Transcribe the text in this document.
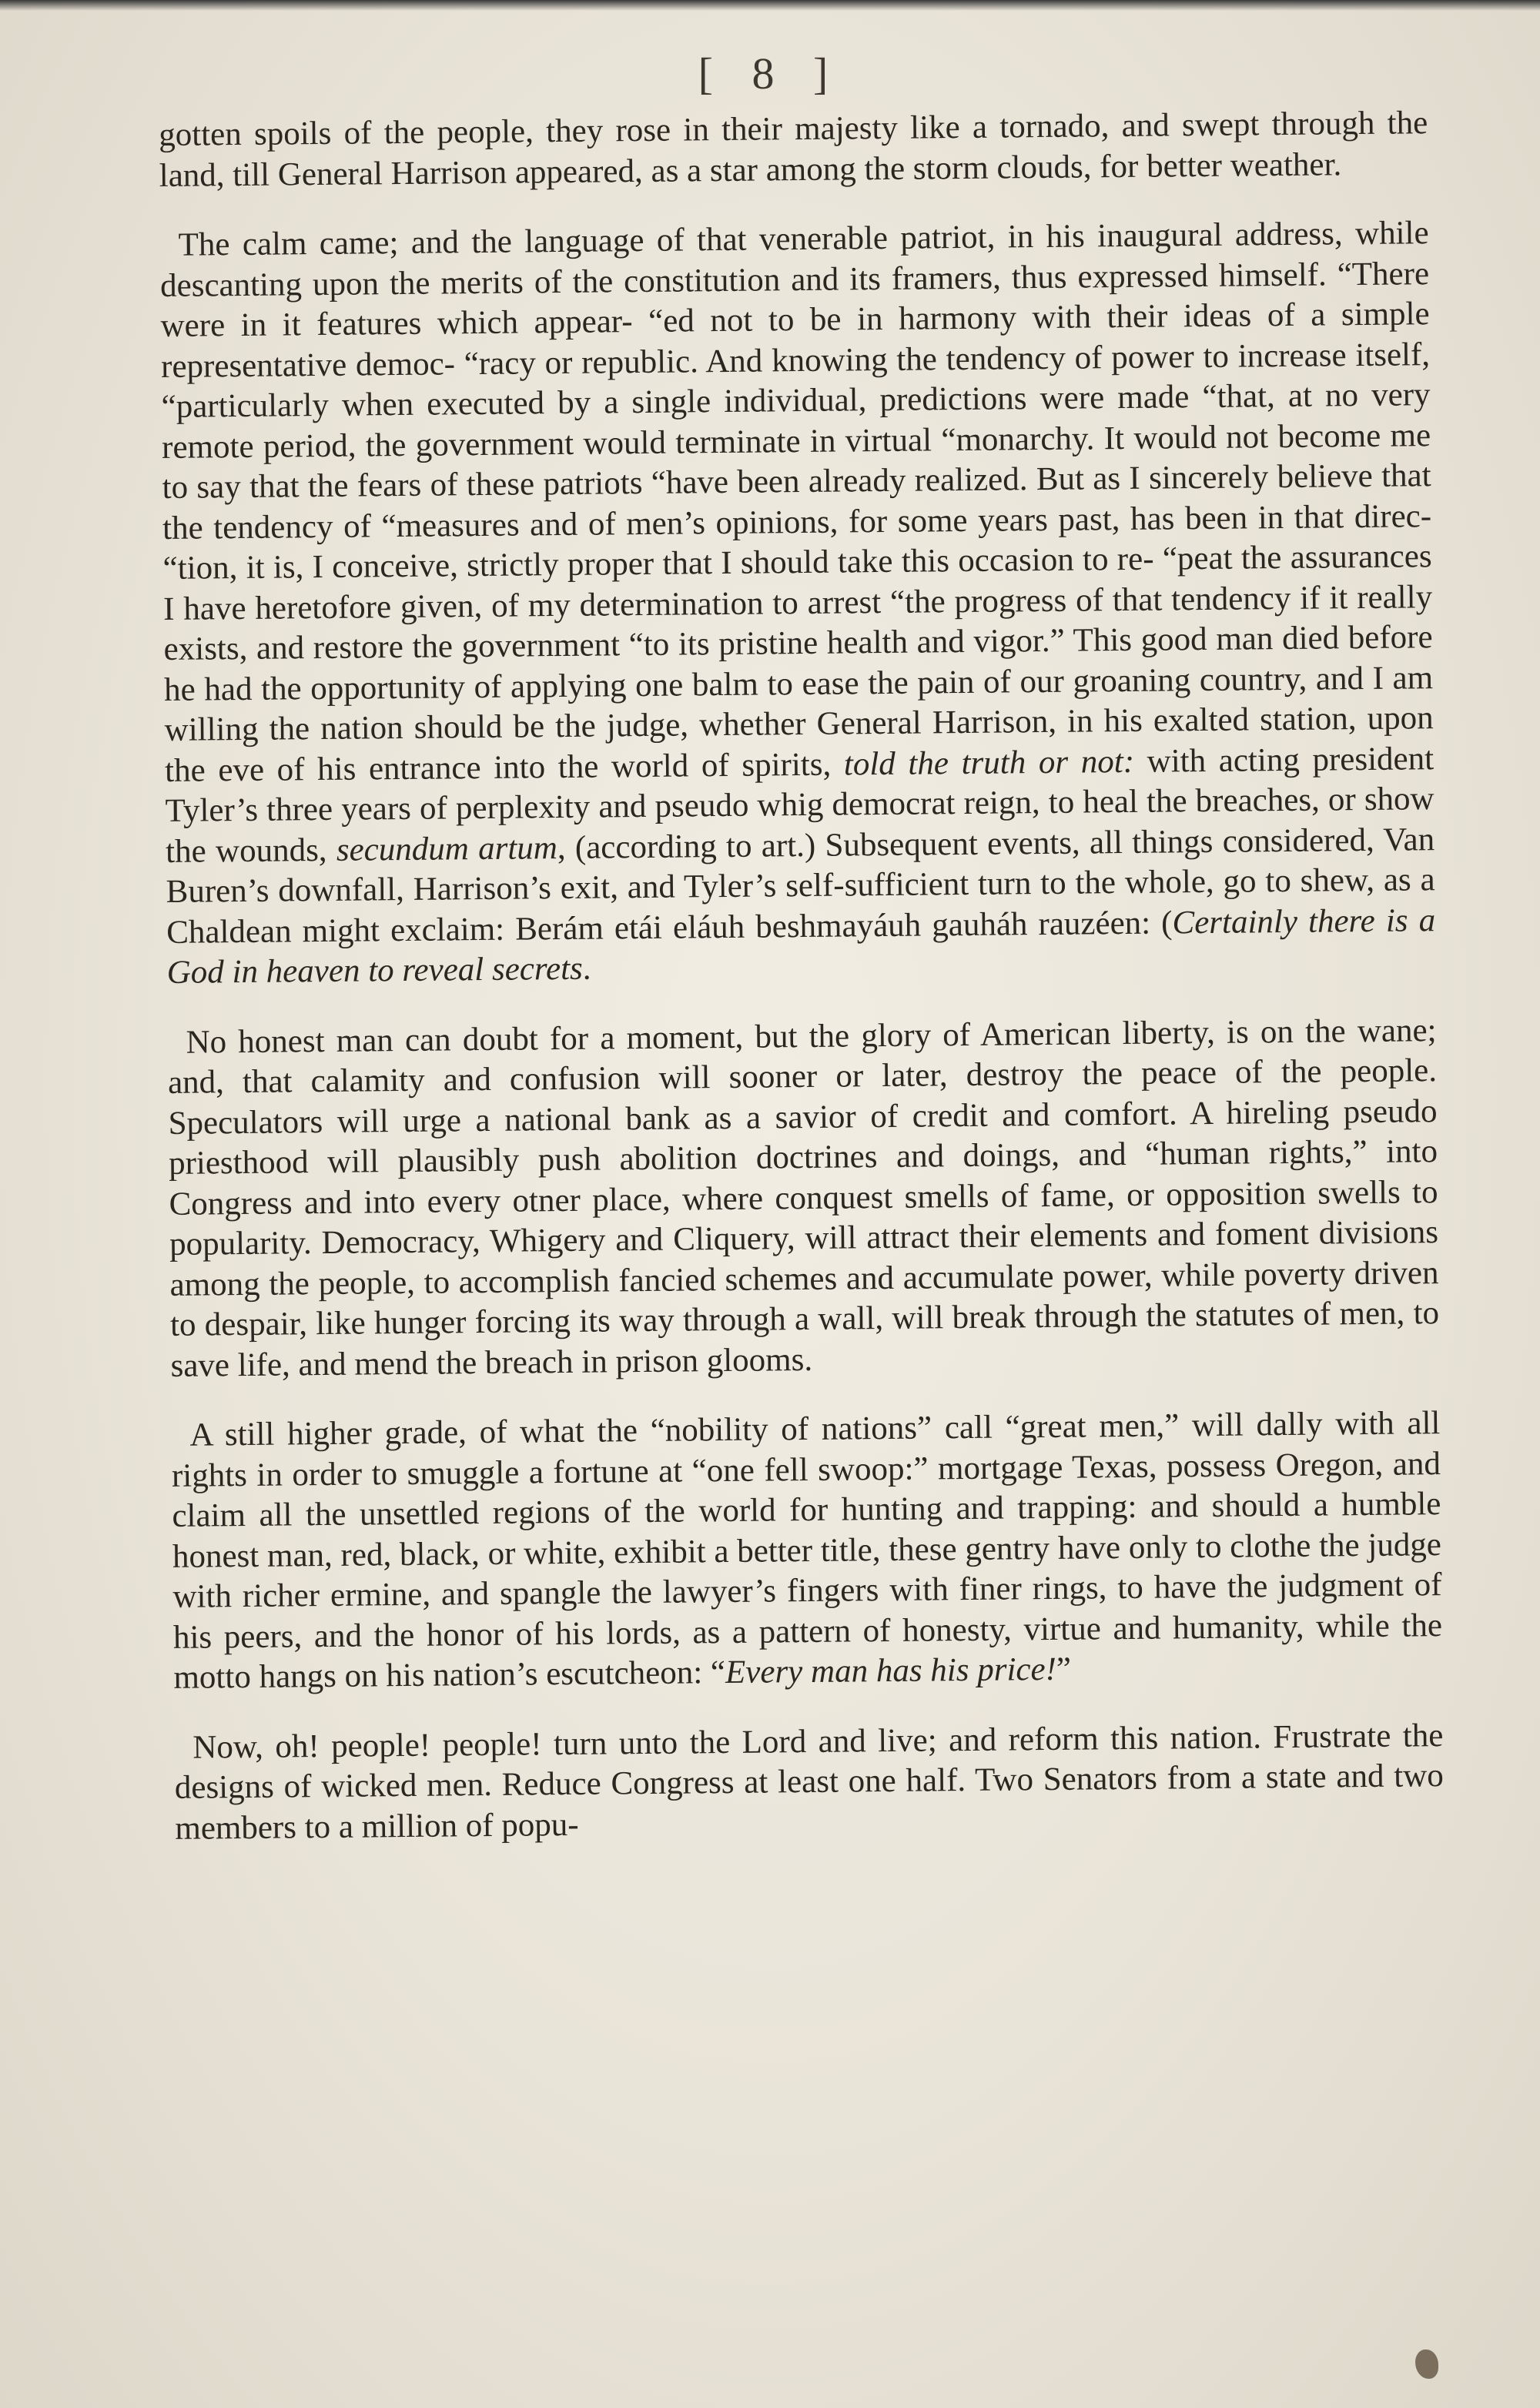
[ 8 ]

gotten spoils of the people, they rose in their majesty like a tornado, and swept through the land, till General Harrison appeared, as a star among the storm clouds, for better weather.

The calm came; and the language of that venerable patriot, in his inaugural address, while descanting upon the merits of the constitution and its framers, thus expressed himself. “There were in it features which appear- “ed not to be in harmony with their ideas of a simple representative democ- “racy or republic. And knowing the tendency of power to increase itself, “particularly when executed by a single individual, predictions were made “that, at no very remote period, the government would terminate in virtual “monarchy. It would not become me to say that the fears of these patriots “have been already realized. But as I sincerely believe that the tendency of “measures and of men’s opinions, for some years past, has been in that direc- “tion, it is, I conceive, strictly proper that I should take this occasion to re- “peat the assurances I have heretofore given, of my determination to arrest “the progress of that tendency if it really exists, and restore the government “to its pristine health and vigor.” This good man died before he had the opportunity of applying one balm to ease the pain of our groaning country, and I am willing the nation should be the judge, whether General Harrison, in his exalted station, upon the eve of his entrance into the world of spirits, told the truth or not: with acting president Tyler’s three years of perplexity and pseudo whig democrat reign, to heal the breaches, or show the wounds, secundum artum, (according to art.) Subsequent events, all things considered, Van Buren’s downfall, Harrison’s exit, and Tyler’s self-sufficient turn to the whole, go to shew, as a Chaldean might exclaim: Berám etái eláuh beshmayáuh gauháh rauzéen: (Certainly there is a God in heaven to reveal secrets.

No honest man can doubt for a moment, but the glory of American liberty, is on the wane; and, that calamity and confusion will sooner or later, destroy the peace of the people. Speculators will urge a national bank as a savior of credit and comfort. A hireling pseudo priesthood will plausibly push abolition doctrines and doings, and “human rights,” into Congress and into every otner place, where conquest smells of fame, or opposition swells to popularity. Democracy, Whigery and Cliquery, will attract their elements and foment divisions among the people, to accomplish fancied schemes and accumulate power, while poverty driven to despair, like hunger forcing its way through a wall, will break through the statutes of men, to save life, and mend the breach in prison glooms.

A still higher grade, of what the “nobility of nations” call “great men,” will dally with all rights in order to smuggle a fortune at “one fell swoop:” mortgage Texas, possess Oregon, and claim all the unsettled regions of the world for hunting and trapping: and should a humble honest man, red, black, or white, exhibit a better title, these gentry have only to clothe the judge with richer ermine, and spangle the lawyer’s fingers with finer rings, to have the judgment of his peers, and the honor of his lords, as a pattern of honesty, virtue and humanity, while the motto hangs on his nation’s escutcheon: “Every man has his price!”

Now, oh! people! people! turn unto the Lord and live; and reform this nation. Frustrate the designs of wicked men. Reduce Congress at least one half. Two Senators from a state and two members to a million of popu-
